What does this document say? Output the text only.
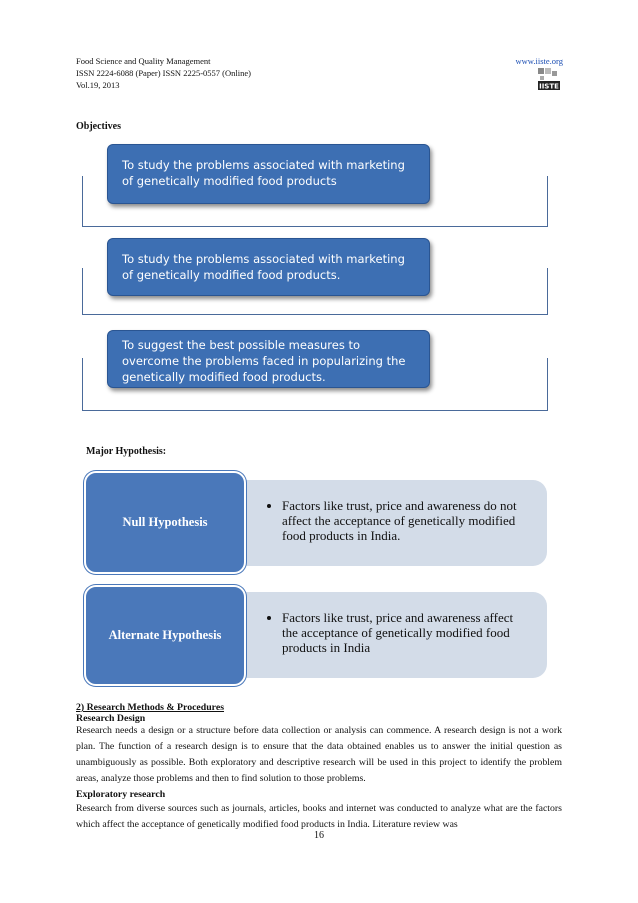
Food Science and Quality Management
ISSN 2224-6088 (Paper) ISSN 2225-0557 (Online)
Vol.19, 2013
www.iiste.org
IISTE
Objectives
To study the problems associated with marketing of genetically modified food products
To study the problems associated with marketing of genetically modified food products.
To suggest the best possible measures to overcome the problems faced in popularizing the genetically modified food products.
Major Hypothesis:
• Factors like trust, price and awareness do not affect the acceptance of genetically modified food products in India.
Null Hypothesis
• Factors like trust, price and awareness affect the acceptance of genetically modified food products in India
Alternate Hypothesis
2) Research Methods & Procedures
Research Design
Research needs a design or a structure before data collection or analysis can commence. A research design is not a work plan. The function of a research design is to ensure that the data obtained enables us to answer the initial question as unambiguously as possible. Both exploratory and descriptive research will be used in this project to identify the problem areas, analyze those problems and then to find solution to those problems.
Exploratory research
Research from diverse sources such as journals, articles, books and internet was conducted to analyze what are the factors which affect the acceptance of genetically modified food products in India. Literature review was
16
